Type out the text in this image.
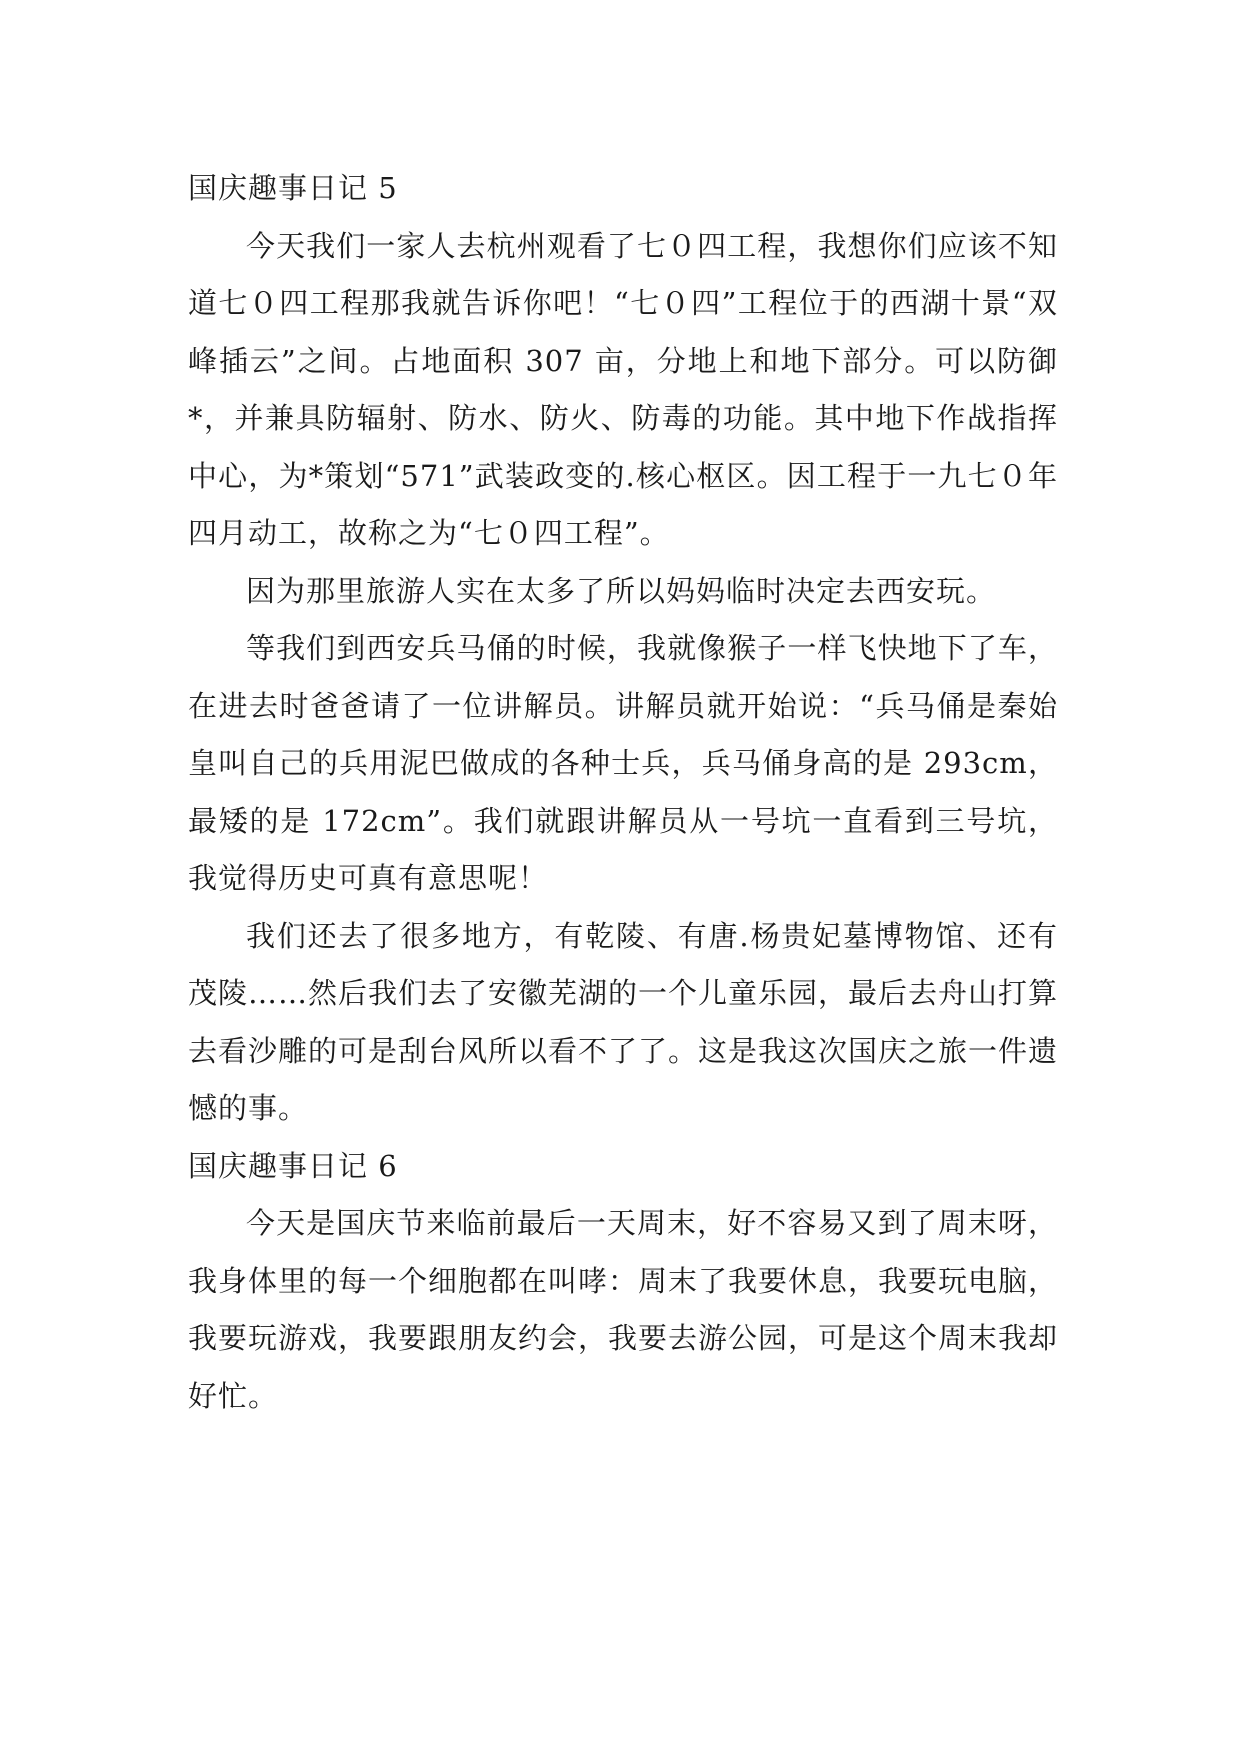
国庆趣事日记 5

今天我们一家人去杭州观看了七０四工程，我想你们应该不知道七０四工程那我就告诉你吧！“七０四”工程位于的西湖十景“双峰插云”之间。占地面积 307 亩，分地上和地下部分。可以防御*，并兼具防辐射、防水、防火、防毒的功能。其中地下作战指挥中心，为*策划“571”武装政变的.核心枢区。因工程于一九七０年四月动工，故称之为“七０四工程”。

因为那里旅游人实在太多了所以妈妈临时决定去西安玩。

等我们到西安兵马俑的时候，我就像猴子一样飞快地下了车，在进去时爸爸请了一位讲解员。讲解员就开始说：“兵马俑是秦始皇叫自己的兵用泥巴做成的各种士兵，兵马俑身高的是 293cm，最矮的是 172cm”。我们就跟讲解员从一号坑一直看到三号坑，我觉得历史可真有意思呢！

我们还去了很多地方，有乾陵、有唐.杨贵妃墓博物馆、还有茂陵……然后我们去了安徽芜湖的一个儿童乐园，最后去舟山打算去看沙雕的可是刮台风所以看不了了。这是我这次国庆之旅一件遗憾的事。

国庆趣事日记 6

今天是国庆节来临前最后一天周末，好不容易又到了周末呀，我身体里的每一个细胞都在叫哮：周末了我要休息，我要玩电脑，我要玩游戏，我要跟朋友约会，我要去游公园，可是这个周末我却好忙。
